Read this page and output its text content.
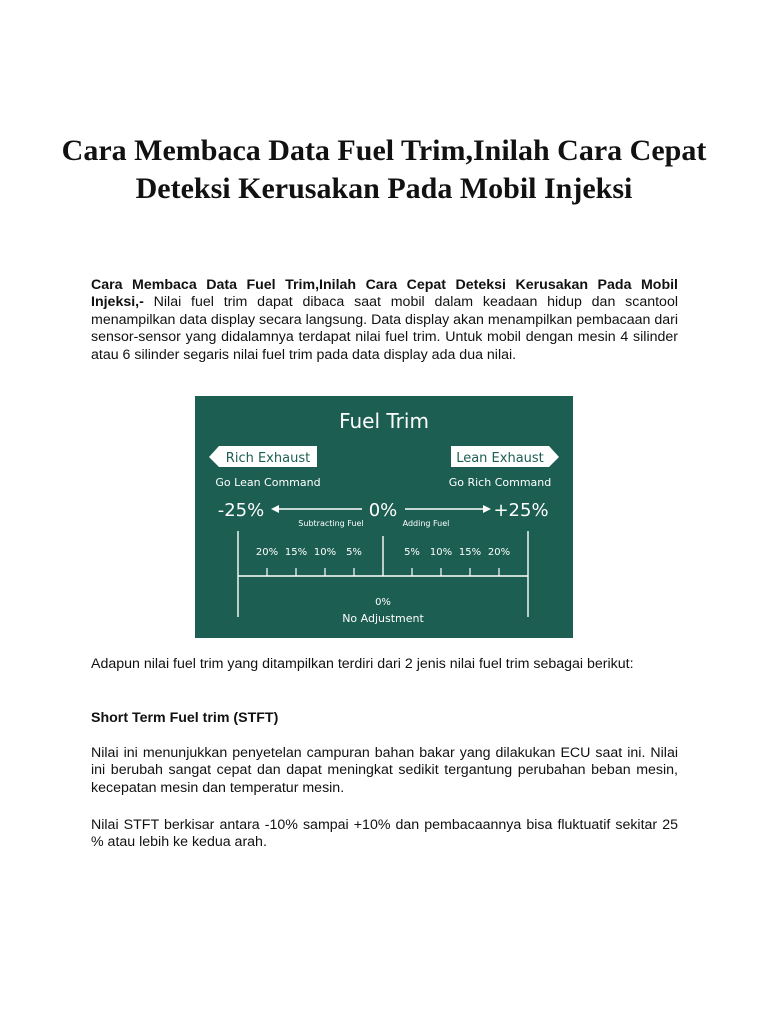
Cara Membaca Data Fuel Trim,Inilah Cara Cepat Deteksi Kerusakan Pada Mobil Injeksi

Cara Membaca Data Fuel Trim,Inilah Cara Cepat Deteksi Kerusakan Pada Mobil Injeksi,- Nilai fuel trim dapat dibaca saat mobil dalam keadaan hidup dan scantool menampilkan data display secara langsung. Data display akan menampilkan pembacaan dari sensor-sensor yang didalamnya terdapat nilai fuel trim. Untuk mobil dengan mesin 4 silinder atau 6 silinder segaris nilai fuel trim pada data display ada dua nilai.

Fuel Trim
Rich Exhaust	Lean Exhaust
Go Lean Command	Go Rich Command
-25%	0%	+25%
Subtracting Fuel	Adding Fuel
20% 15% 10% 5%	5% 10% 15% 20%
0%
No Adjustment

Adapun nilai fuel trim yang ditampilkan terdiri dari 2 jenis nilai fuel trim sebagai berikut:

Short Term Fuel trim (STFT)

Nilai ini menunjukkan penyetelan campuran bahan bakar yang dilakukan ECU saat ini. Nilai ini berubah sangat cepat dan dapat meningkat sedikit tergantung perubahan beban mesin, kecepatan mesin dan temperatur mesin.

Nilai STFT berkisar antara -10% sampai +10% dan pembacaannya bisa fluktuatif sekitar 25 % atau lebih ke kedua arah.
